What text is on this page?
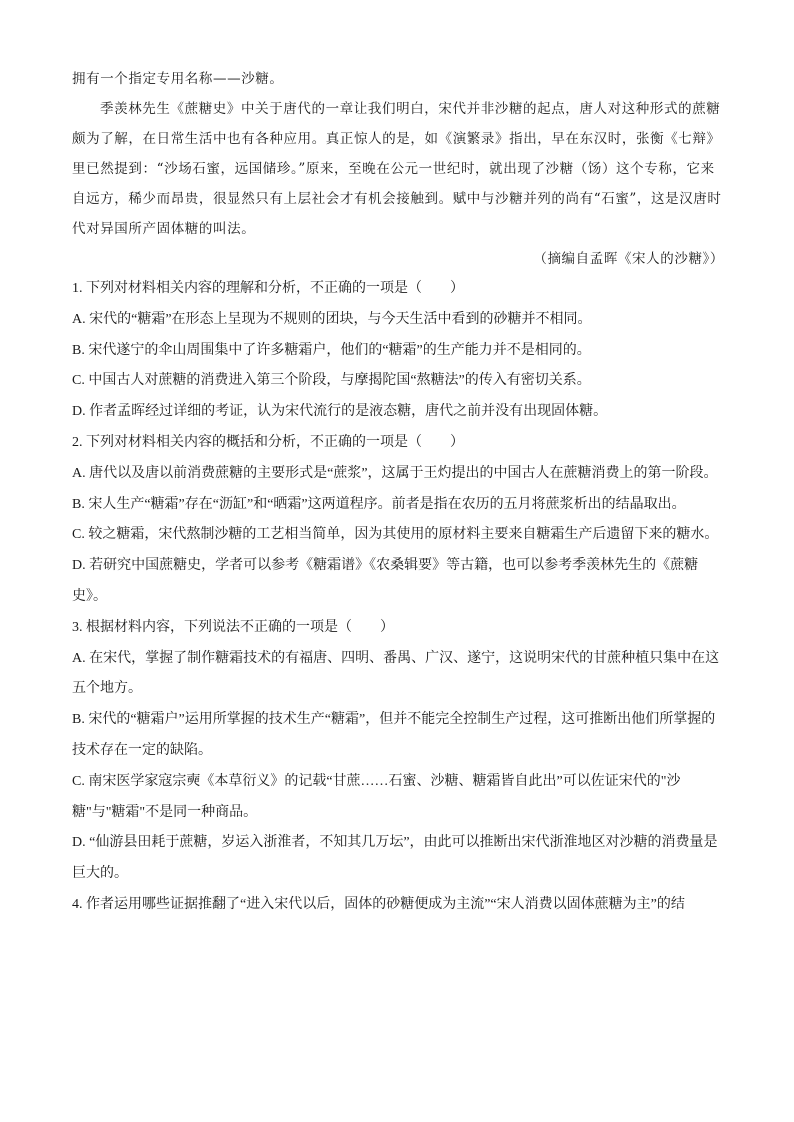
拥有一个指定专用名称——沙糖。

季羡林先生《蔗糖史》中关于唐代的一章让我们明白，宋代并非沙糖的起点，唐人对这种形式的蔗糖颇为了解，在日常生活中也有各种应用。真正惊人的是，如《演繁录》指出，早在东汉时，张衡《七辩》里已然提到：“沙场石蜜，远国储珍。”原来，至晚在公元一世纪时，就出现了沙糖（饧）这个专称，它来自远方，稀少而昂贵，很显然只有上层社会才有机会接触到。赋中与沙糖并列的尚有“石蜜”，这是汉唐时代对异国所产固体糖的叫法。

（摘编自孟晖《宋人的沙糖》）

1. 下列对材料相关内容的理解和分析，不正确的一项是（　　）

A. 宋代的“糖霜”在形态上呈现为不规则的团块，与今天生活中看到的砂糖并不相同。

B. 宋代遂宁的伞山周围集中了许多糖霜户，他们的“糖霜”的生产能力并不是相同的。

C. 中国古人对蔗糖的消费进入第三个阶段，与摩揭陀国“熬糖法”的传入有密切关系。

D. 作者孟晖经过详细的考证，认为宋代流行的是液态糖，唐代之前并没有出现固体糖。

2. 下列对材料相关内容的概括和分析，不正确的一项是（　　）

A. 唐代以及唐以前消费蔗糖的主要形式是“蔗浆”，这属于王灼提出的中国古人在蔗糖消费上的第一阶段。

B. 宋人生产“糖霜”存在“沥缸”和“晒霜”这两道程序。前者是指在农历的五月将蔗浆析出的结晶取出。

C. 较之糖霜，宋代熬制沙糖的工艺相当简单，因为其使用的原材料主要来自糖霜生产后遗留下来的糖水。

D. 若研究中国蔗糖史，学者可以参考《糖霜谱》《农桑辑要》等古籍，也可以参考季羡林先生的《蔗糖史》。

3. 根据材料内容，下列说法不正确的一项是（　　）

A. 在宋代，掌握了制作糖霜技术的有福唐、四明、番禺、广汉、遂宁，这说明宋代的甘蔗种植只集中在这五个地方。

B. 宋代的“糖霜户”运用所掌握的技术生产“糖霜”，但并不能完全控制生产过程，这可推断出他们所掌握的技术存在一定的缺陷。

C. 南宋医学家寇宗奭《本草衍义》的记载“甘蔗……石蜜、沙糖、糖霜皆自此出”可以佐证宋代的"沙糖"与"糖霜"不是同一种商品。

D. “仙游县田耗于蔗糖，岁运入浙淮者，不知其几万坛”，由此可以推断出宋代浙淮地区对沙糖的消费量是巨大的。

4. 作者运用哪些证据推翻了“进入宋代以后，固体的砂糖便成为主流”“宋人消费以固体蔗糖为主”的结
